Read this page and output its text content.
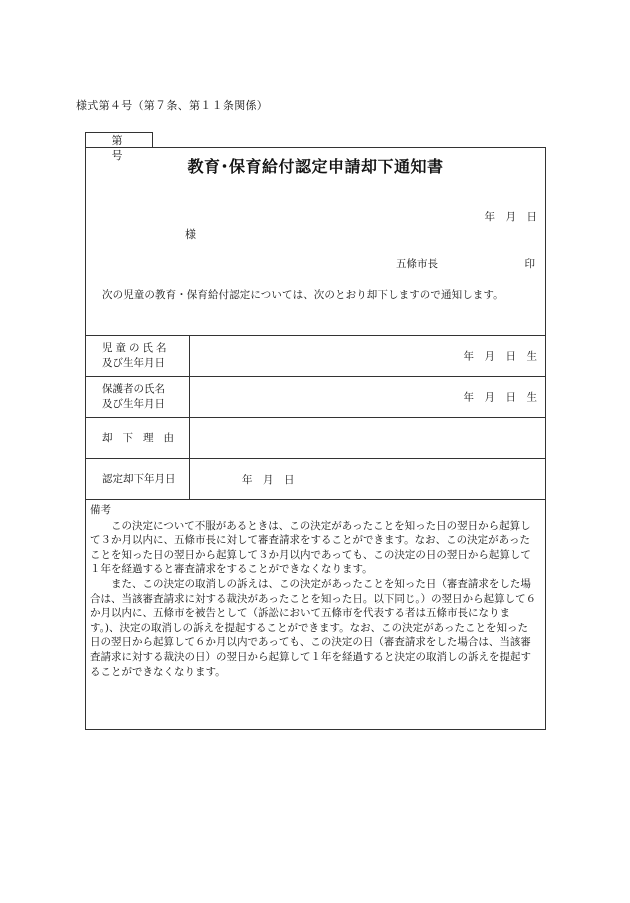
様式第４号（第７条、第１１条関係）
第　号
教育･保育給付認定申請却下通知書
年　月　日
様
五條市長	印
次の児童の教育・保育給付認定については、次のとおり却下しますので通知します。
児童の氏名
及び生年月日	年　月　日　生

保護者の氏名
及び生年月日	年　月　日　生

却下理由	

認定却下年月日	年　月　日
備考

この決定について不服があるときは、この決定があったことを知った日の翌日から起算して３か月以内に、五條市長に対して審査請求をすることができます。なお、この決定があったことを知った日の翌日から起算して３か月以内であっても、この決定の日の翌日から起算して１年を経過すると審査請求をすることができなくなります。

また、この決定の取消しの訴えは、この決定があったことを知った日（審査請求をした場合は、当該審査請求に対する裁決があったことを知った日。以下同じ。）の翌日から起算して６か月以内に、五條市を被告として（訴訟において五條市を代表する者は五條市長になります。)、決定の取消しの訴えを提起することができます。なお、この決定があったことを知った日の翌日から起算して６か月以内であっても、この決定の日（審査請求をした場合は、当該審査請求に対する裁決の日）の翌日から起算して１年を経過すると決定の取消しの訴えを提起することができなくなります。
